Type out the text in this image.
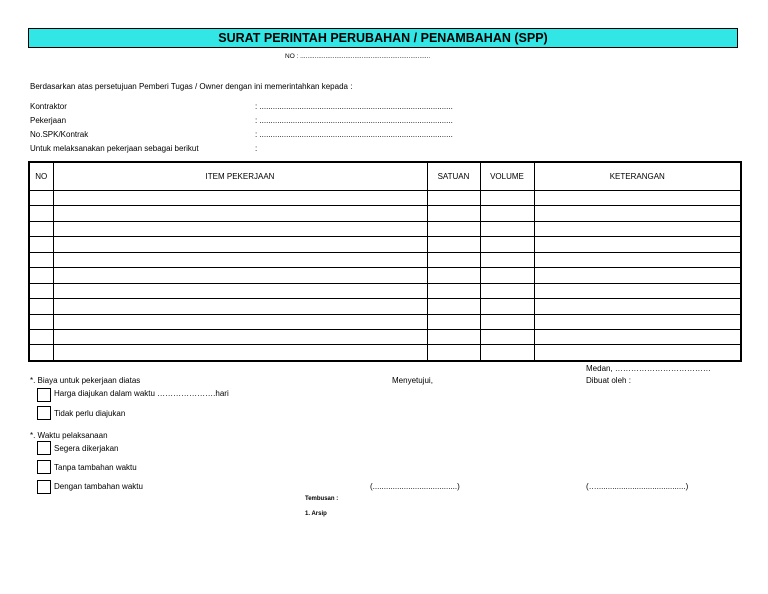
SURAT PERINTAH PERUBAHAN / PENAMBAHAN (SPP)
NO : ........................................................................
Berdasarkan atas persetujuan Pemberi Tugas / Owner dengan ini memerintahkan kepada :
Kontraktor	: .......................................................................................
Pekerjaan	: .......................................................................................
No.SPK/Kontrak	: .......................................................................................
Untuk melaksanakan pekerjaan sebagai berikut	:
NO	ITEM PEKERJAAN	SATUAN	VOLUME	KETERANGAN

Medan, ………………………………
*. Biaya untuk pekerjaan diatas	Menyetujui,	Dibuat oleh :
Harga diajukan dalam waktu ………………….hari
Tidak perlu diajukan
*. Waktu pelaksanaan
Segera dikerjakan
Tanpa tambahan waktu
Dengan tambahan waktu	(......................................)	(…........................................)
Tembusan :
1. Arsip
